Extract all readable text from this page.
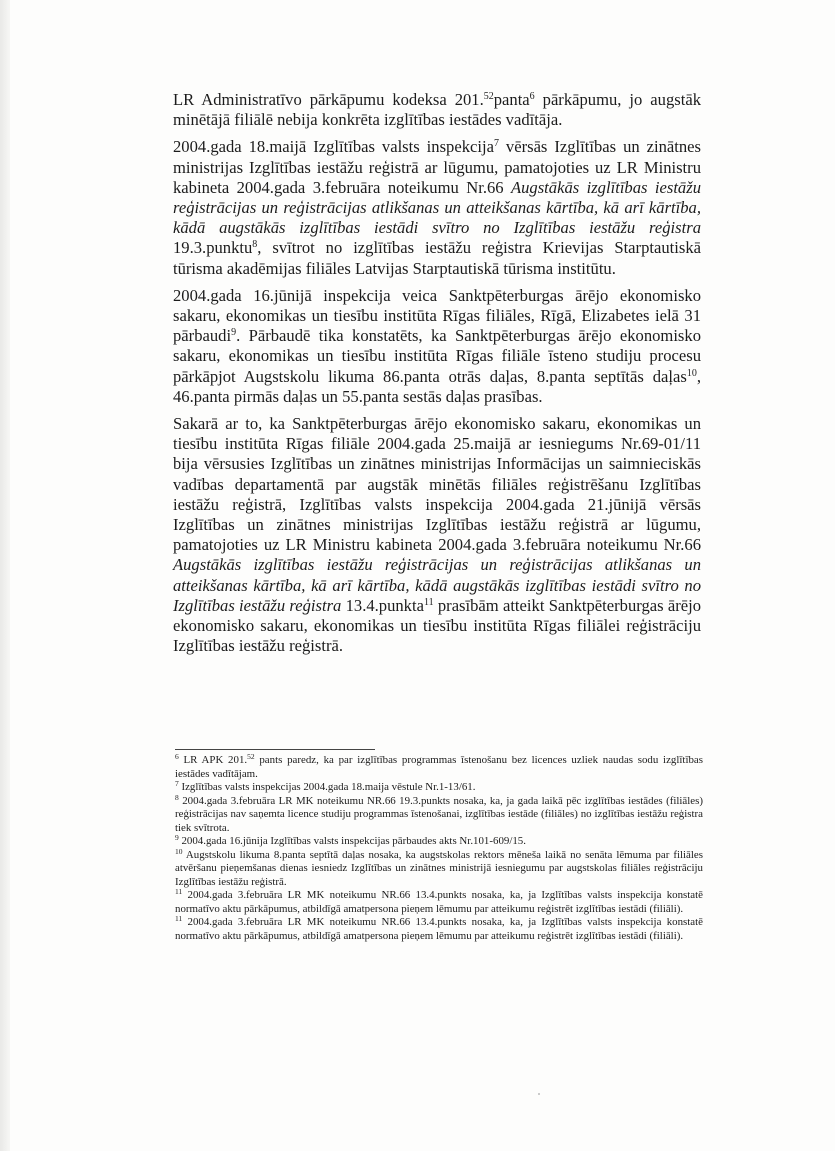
LR Administratīvo pārkāpumu kodeksa 201.52panta$^6$ pārkāpumu, jo augstāk minētājā filiālē nebija konkrēta izglītības iestādes vadītāja.

2004.gada 18.maijā Izglītības valsts inspekcija$^7$ vērsās Izglītības un zinātnes ministrijas Izglītības iestāžu reģistrā ar lūgumu, pamatojoties uz LR Ministru kabineta 2004.gada 3.februāra noteikumu Nr.66 Augstākās izglītības iestāžu reģistrācijas un reģistrācijas atlikšanas un atteikšanas kārtība, kā arī kārtība, kādā augstākās izglītības iestādi svītro no Izglītības iestāžu reģistra 19.3.punktu$^8$, svītrot no izglītības iestāžu reģistra Krievijas Starptautiskā tūrisma akadēmijas filiāles Latvijas Starptautiskā tūrisma institūtu.

2004.gada 16.jūnijā inspekcija veica Sanktpēterburgas ārējo ekonomisko sakaru, ekonomikas un tiesību institūta Rīgas filiāles, Rīgā, Elizabetes ielā 31 pārbaudi$^9$. Pārbaudē tika konstatēts, ka Sanktpēterburgas ārējo ekonomisko sakaru, ekonomikas un tiesību institūta Rīgas filiāle īsteno studiju procesu pārkāpjot Augstskolu likuma 86.panta otrās daļas, 8.panta septītās daļas$^{10}$, 46.panta pirmās daļas un 55.panta sestās daļas prasības.

Sakarā ar to, ka Sanktpēterburgas ārējo ekonomisko sakaru, ekonomikas un tiesību institūta Rīgas filiāle 2004.gada 25.maijā ar iesniegums Nr.69-01/11 bija vērsusies Izglītības un zinātnes ministrijas Informācijas un saimnieciskās vadības departamentā par augstāk minētās filiāles reģistrēšanu Izglītības iestāžu reģistrā, Izglītības valsts inspekcija 2004.gada 21.jūnijā vērsās Izglītības un zinātnes ministrijas Izglītības iestāžu reģistrā ar lūgumu, pamatojoties uz LR Ministru kabineta 2004.gada 3.februāra noteikumu Nr.66 Augstākās izglītības iestāžu reģistrācijas un reģistrācijas atlikšanas un atteikšanas kārtība, kā arī kārtība, kādā augstākās izglītības iestādi svītro no Izglītības iestāžu reģistra 13.4.punkta$^{11}$ prasībām atteikt Sanktpēterburgas ārējo ekonomisko sakaru, ekonomikas un tiesību institūta Rīgas filiālei reģistrāciju Izglītības iestāžu reģistrā.

$^6$ LR APK 201.52 pants paredz, ka par izglītības programmas īstenošanu bez licences uzliek naudas sodu izglītības iestādes vadītājam.

$^7$ Izglītības valsts inspekcijas 2004.gada 18.maija vēstule Nr.1-13/61.

$^8$ 2004.gada 3.februāra LR MK noteikumu NR.66 19.3.punkts nosaka, ka, ja gada laikā pēc izglītības iestādes (filiāles) reģistrācijas nav saņemta licence studiju programmas īstenošanai, izglītības iestāde (filiāles) no izglītības iestāžu reģistra tiek svītrota.

$^9$ 2004.gada 16.jūnija Izglītības valsts inspekcijas pārbaudes akts Nr.101-609/15.

$^{10}$ Augstskolu likuma 8.panta septītā daļas nosaka, ka augstskolas rektors mēneša laikā no senāta lēmuma par filiāles atvēršanu pieņemšanas dienas iesniedz Izglītības un zinātnes ministrijā iesniegumu par augstskolas filiāles reģistrāciju Izglītības iestāžu reģistrā.

$^{11}$ 2004.gada 3.februāra LR MK noteikumu NR.66 13.4.punkts nosaka, ka, ja Izglītības valsts inspekcija konstatē normatīvo aktu pārkāpumus, atbildīgā amatpersona pieņem lēmumu par atteikumu reģistrēt izglītības iestādi (filiāli).

$^{11}$ 2004.gada 3.februāra LR MK noteikumu NR.66 13.4.punkts nosaka, ka, ja Izglītības valsts inspekcija konstatē normatīvo aktu pārkāpumus, atbildīgā amatpersona pieņem lēmumu par atteikumu reģistrēt izglītības iestādi (filiāli).
